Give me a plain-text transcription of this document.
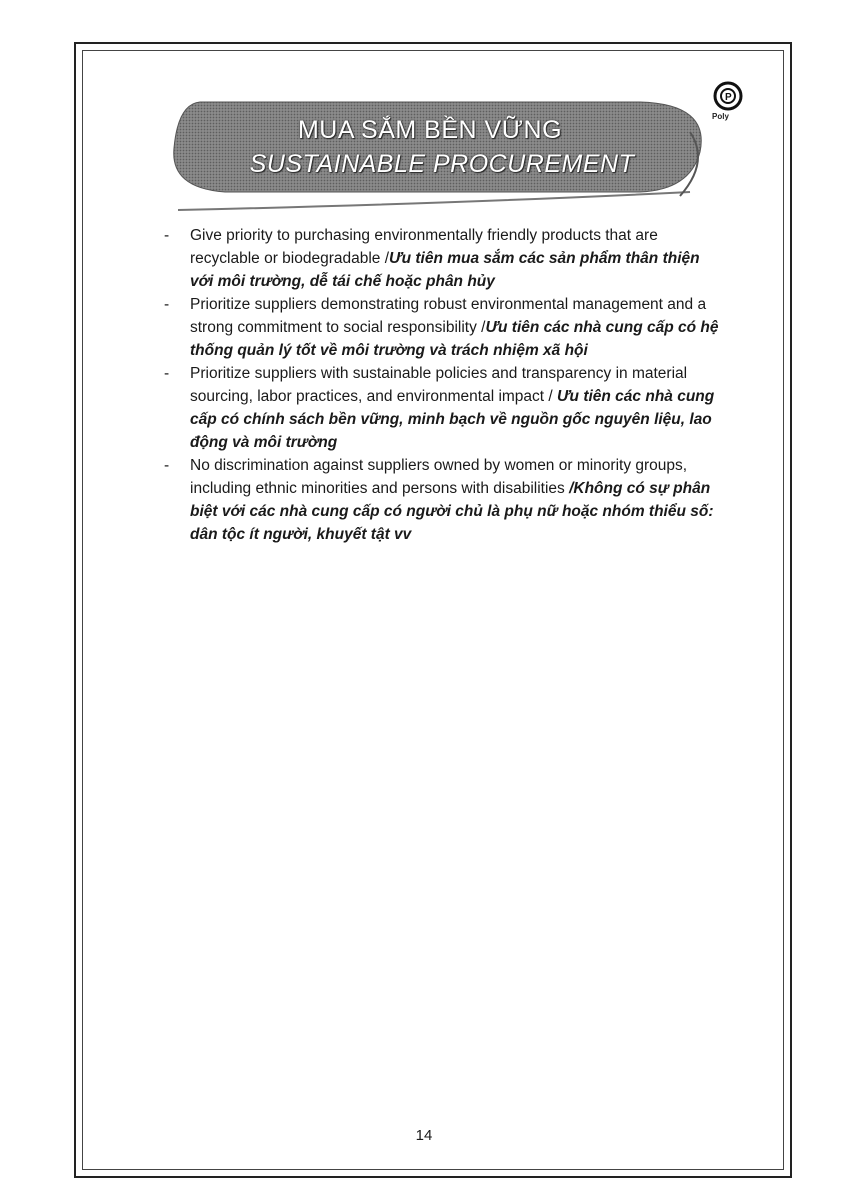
P
Poly
MUA SẮM BỀN VỮNG
SUSTAINABLE PROCUREMENT

- Give priority to purchasing environmentally friendly products that are recyclable or biodegradable /Ưu tiên mua sắm các sản phẩm thân thiện với môi trường, dễ tái chế hoặc phân hủy

- Prioritize suppliers demonstrating robust environmental management and a strong commitment to social responsibility /Ưu tiên các nhà cung cấp có hệ thống quản lý tốt về môi trường và trách nhiệm xã hội

- Prioritize suppliers with sustainable policies and transparency in material sourcing, labor practices, and environmental impact / Ưu tiên các nhà cung cấp có chính sách bền vững, minh bạch về nguồn gốc nguyên liệu, lao động và môi trường

- No discrimination against suppliers owned by women or minority groups, including ethnic minorities and persons with disabilities /Không có sự phân biệt với các nhà cung cấp có người chủ là phụ nữ hoặc nhóm thiểu số: dân tộc ít người, khuyết tật vv

14
